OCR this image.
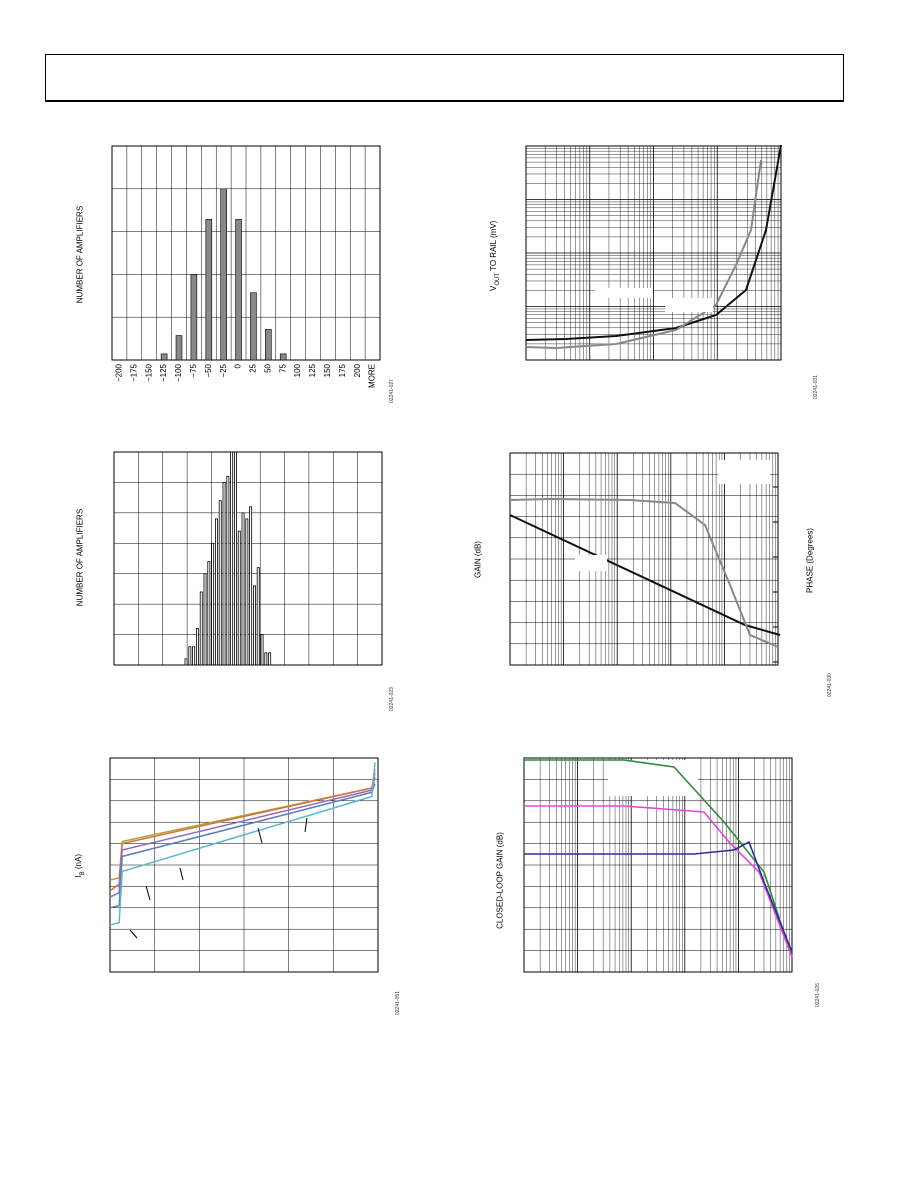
NUMBER OF AMPLIFIERS
02241-027
NUMBER OF AMPLIFIERS
02241-023
$I_B$ (nA)
02241-051
$V_{OUT}$ TO RAIL (mV)
02241-031
GAIN (dB)	PHASE (Degrees)
02241-030
CLOSED-LOOP GAIN (dB)
02241-026
−200 −175 −150 −125 −100 −75 −50 −25 0 25 50 75 100 125 150 175 200 MORE
